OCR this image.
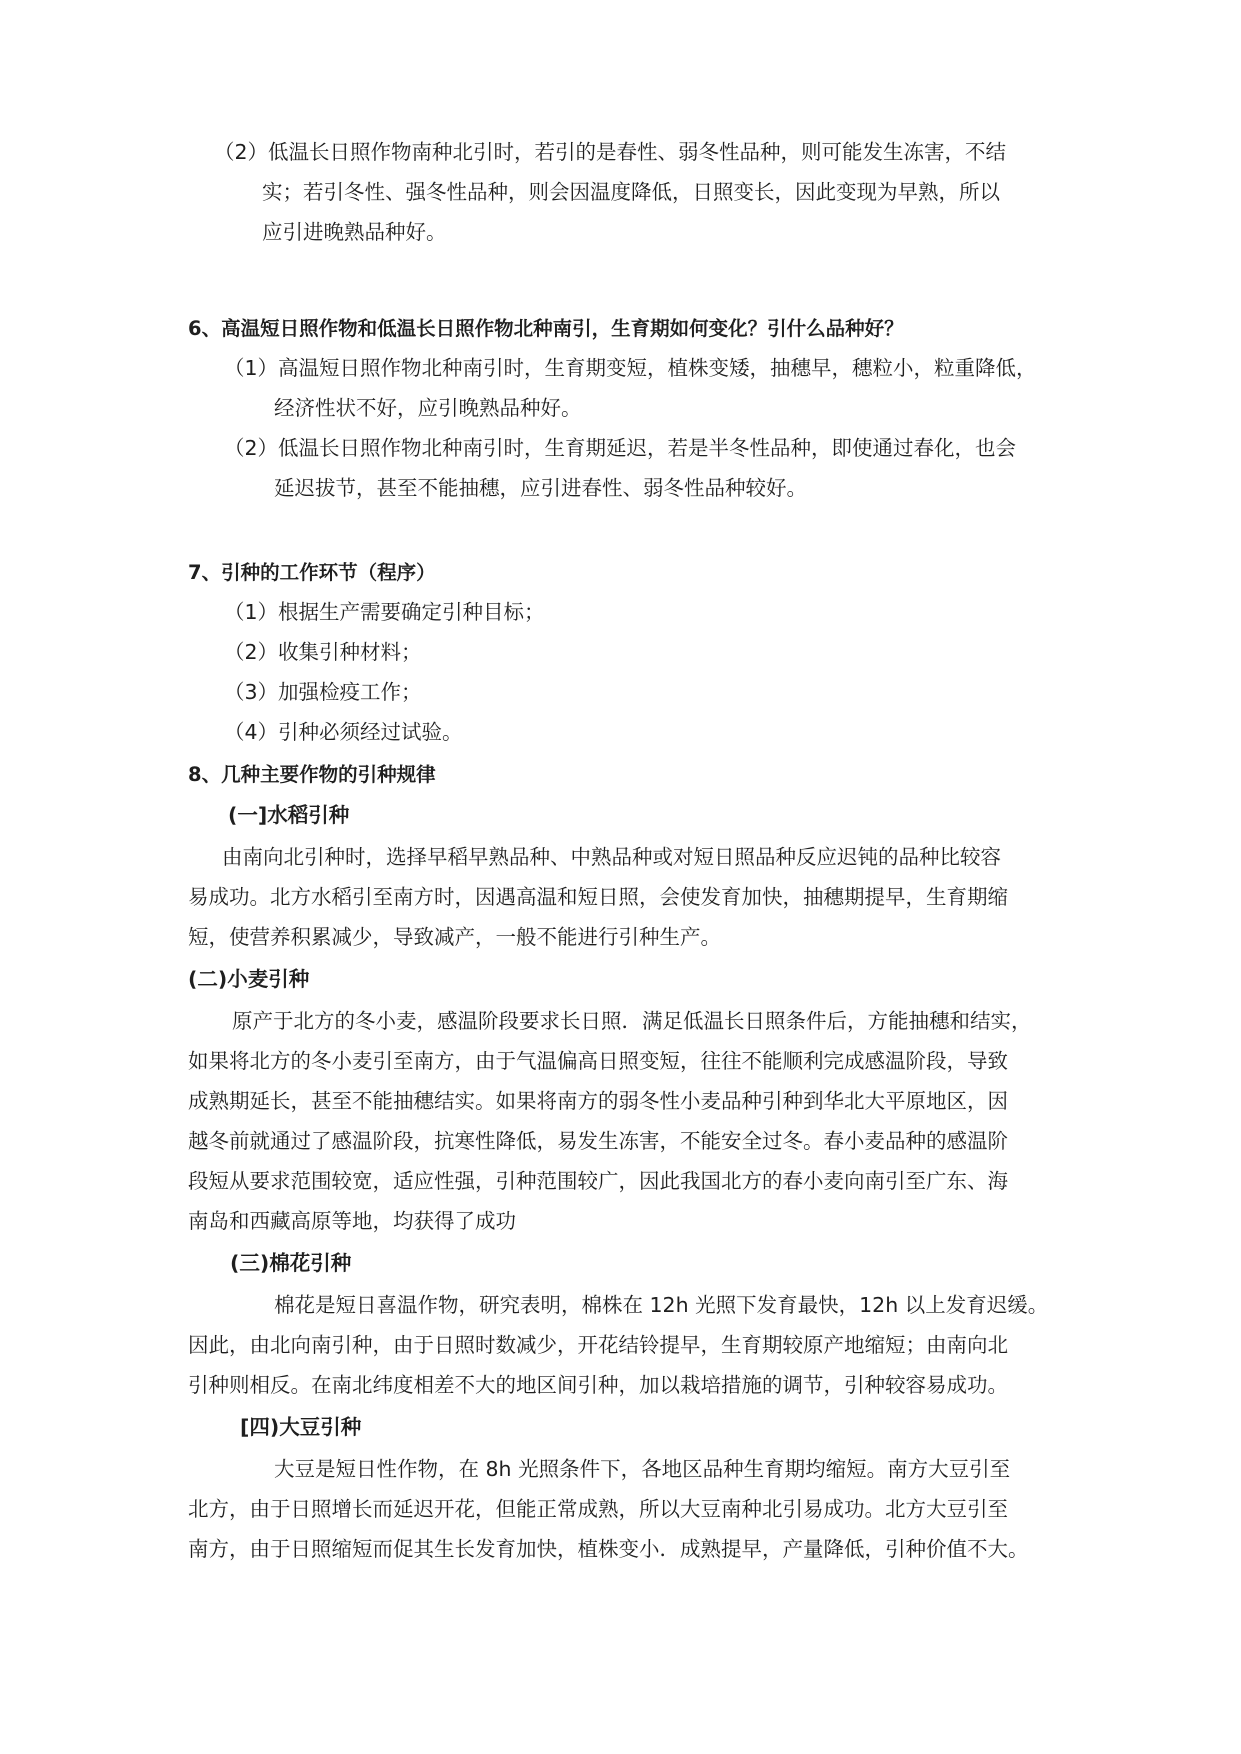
（2）低温长日照作物南种北引时，若引的是春性、弱冬性品种，则可能发生冻害，不结
实；若引冬性、强冬性品种，则会因温度降低，日照变长，因此变现为早熟，所以
应引进晚熟品种好。
6、高温短日照作物和低温长日照作物北种南引，生育期如何变化？引什么品种好？
（1）高温短日照作物北种南引时，生育期变短，植株变矮，抽穗早，穗粒小，粒重降低，
经济性状不好，应引晚熟品种好。
（2）低温长日照作物北种南引时，生育期延迟，若是半冬性品种，即使通过春化，也会
延迟拔节，甚至不能抽穗，应引进春性、弱冬性品种较好。
7、引种的工作环节（程序）
（1）根据生产需要确定引种目标；
（2）收集引种材料；
（3）加强检疫工作；
（4）引种必须经过试验。
8、几种主要作物的引种规律
(一]水稻引种
由南向北引种时，选择早稻早熟品种、中熟品种或对短日照品种反应迟钝的品种比较容
易成功。北方水稻引至南方时，因遇高温和短日照，会使发育加快，抽穗期提早，生育期缩
短，使营养积累减少，导致减产，一般不能进行引种生产。
(二)小麦引种
原产于北方的冬小麦，感温阶段要求长日照．满足低温长日照条件后，方能抽穗和结实，
如果将北方的冬小麦引至南方，由于气温偏高日照变短，往往不能顺利完成感温阶段，导致
成熟期延长，甚至不能抽穗结实。如果将南方的弱冬性小麦品种引种到华北大平原地区，因
越冬前就通过了感温阶段，抗寒性降低，易发生冻害，不能安全过冬。春小麦品种的感温阶
段短从要求范围较宽，适应性强，引种范围较广，因此我国北方的春小麦向南引至广东、海
南岛和西藏高原等地，均获得了成功
(三)棉花引种
棉花是短日喜温作物，研究表明，棉株在 12h 光照下发育最快，12h 以上发育迟缓。
因此，由北向南引种，由于日照时数减少，开花结铃提早，生育期较原产地缩短；由南向北
引种则相反。在南北纬度相差不大的地区间引种，加以栽培措施的调节，引种较容易成功。
[四)大豆引种
大豆是短日性作物，在 8h 光照条件下，各地区品种生育期均缩短。南方大豆引至
北方，由于日照增长而延迟开花，但能正常成熟，所以大豆南种北引易成功。北方大豆引至
南方，由于日照缩短而促其生长发育加快，植株变小．成熟提早，产量降低，引种价值不大。
